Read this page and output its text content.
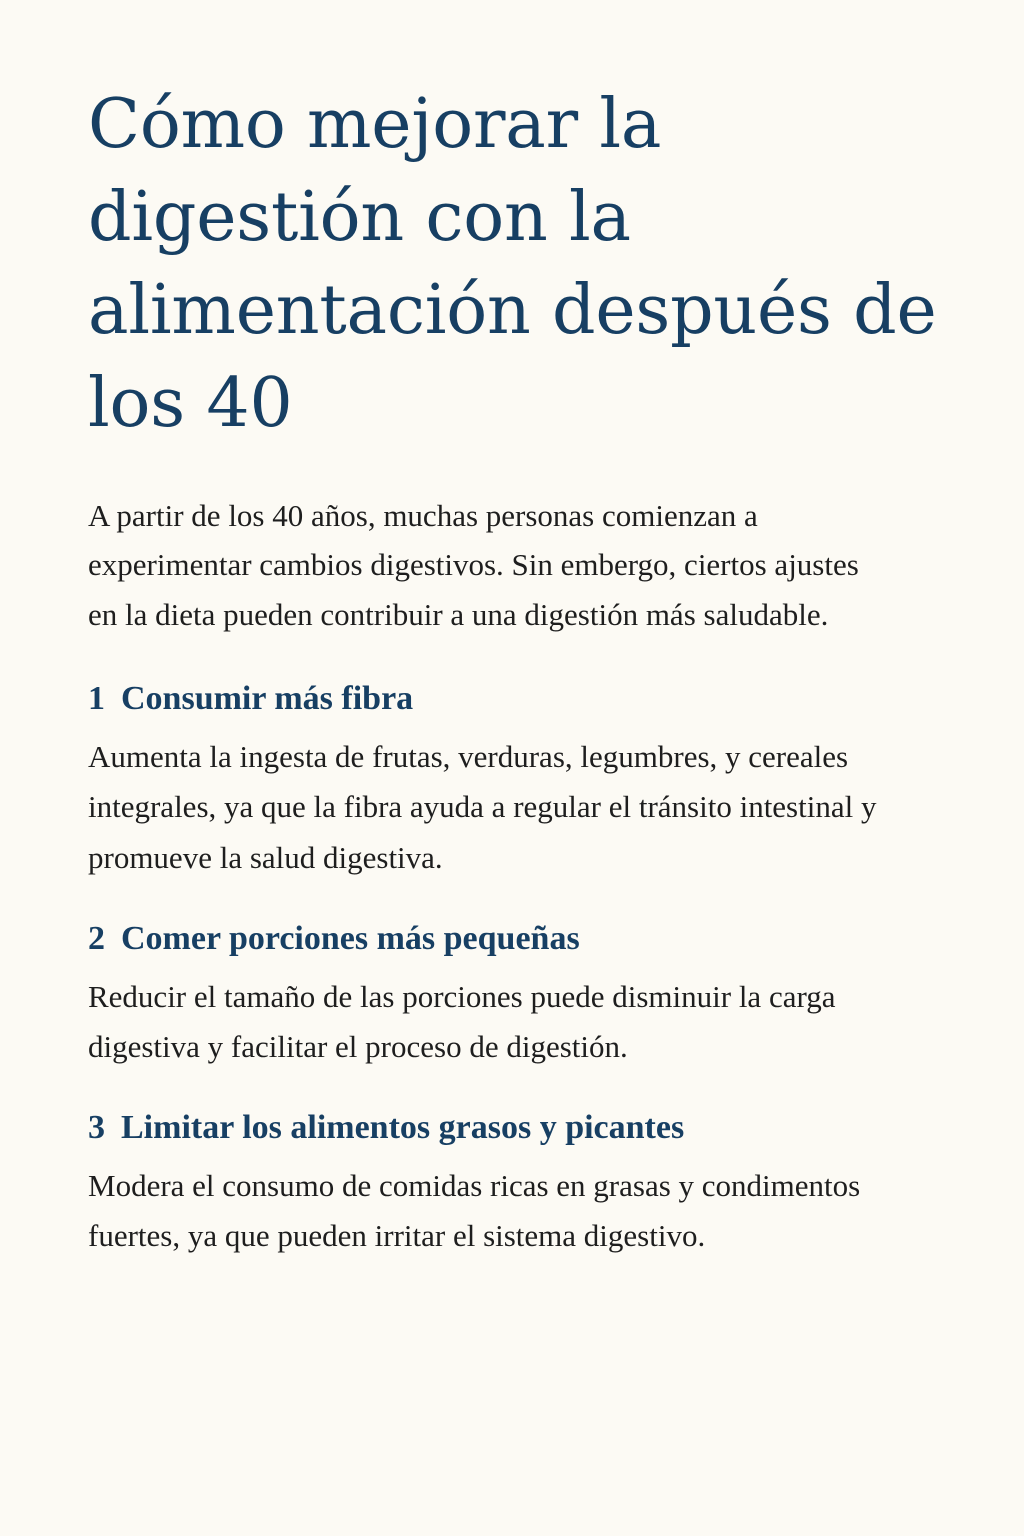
Cómo mejorar la digestión con la alimentación después de los 40

A partir de los 40 años, muchas personas comienzan a experimentar cambios digestivos. Sin embergo, ciertos ajustes en la dieta pueden contribuir a una digestión más saludable.

1 Consumir más fibra

Aumenta la ingesta de frutas, verduras, legumbres, y cereales integrales, ya que la fibra ayuda a regular el tránsito intestinal y promueve la salud digestiva.

2 Comer porciones más pequeñas

Reducir el tamaño de las porciones puede disminuir la carga digestiva y facilitar el proceso de digestión.

3 Limitar los alimentos grasos y picantes

Modera el consumo de comidas ricas en grasas y condimentos fuertes, ya que pueden irritar el sistema digestivo.
